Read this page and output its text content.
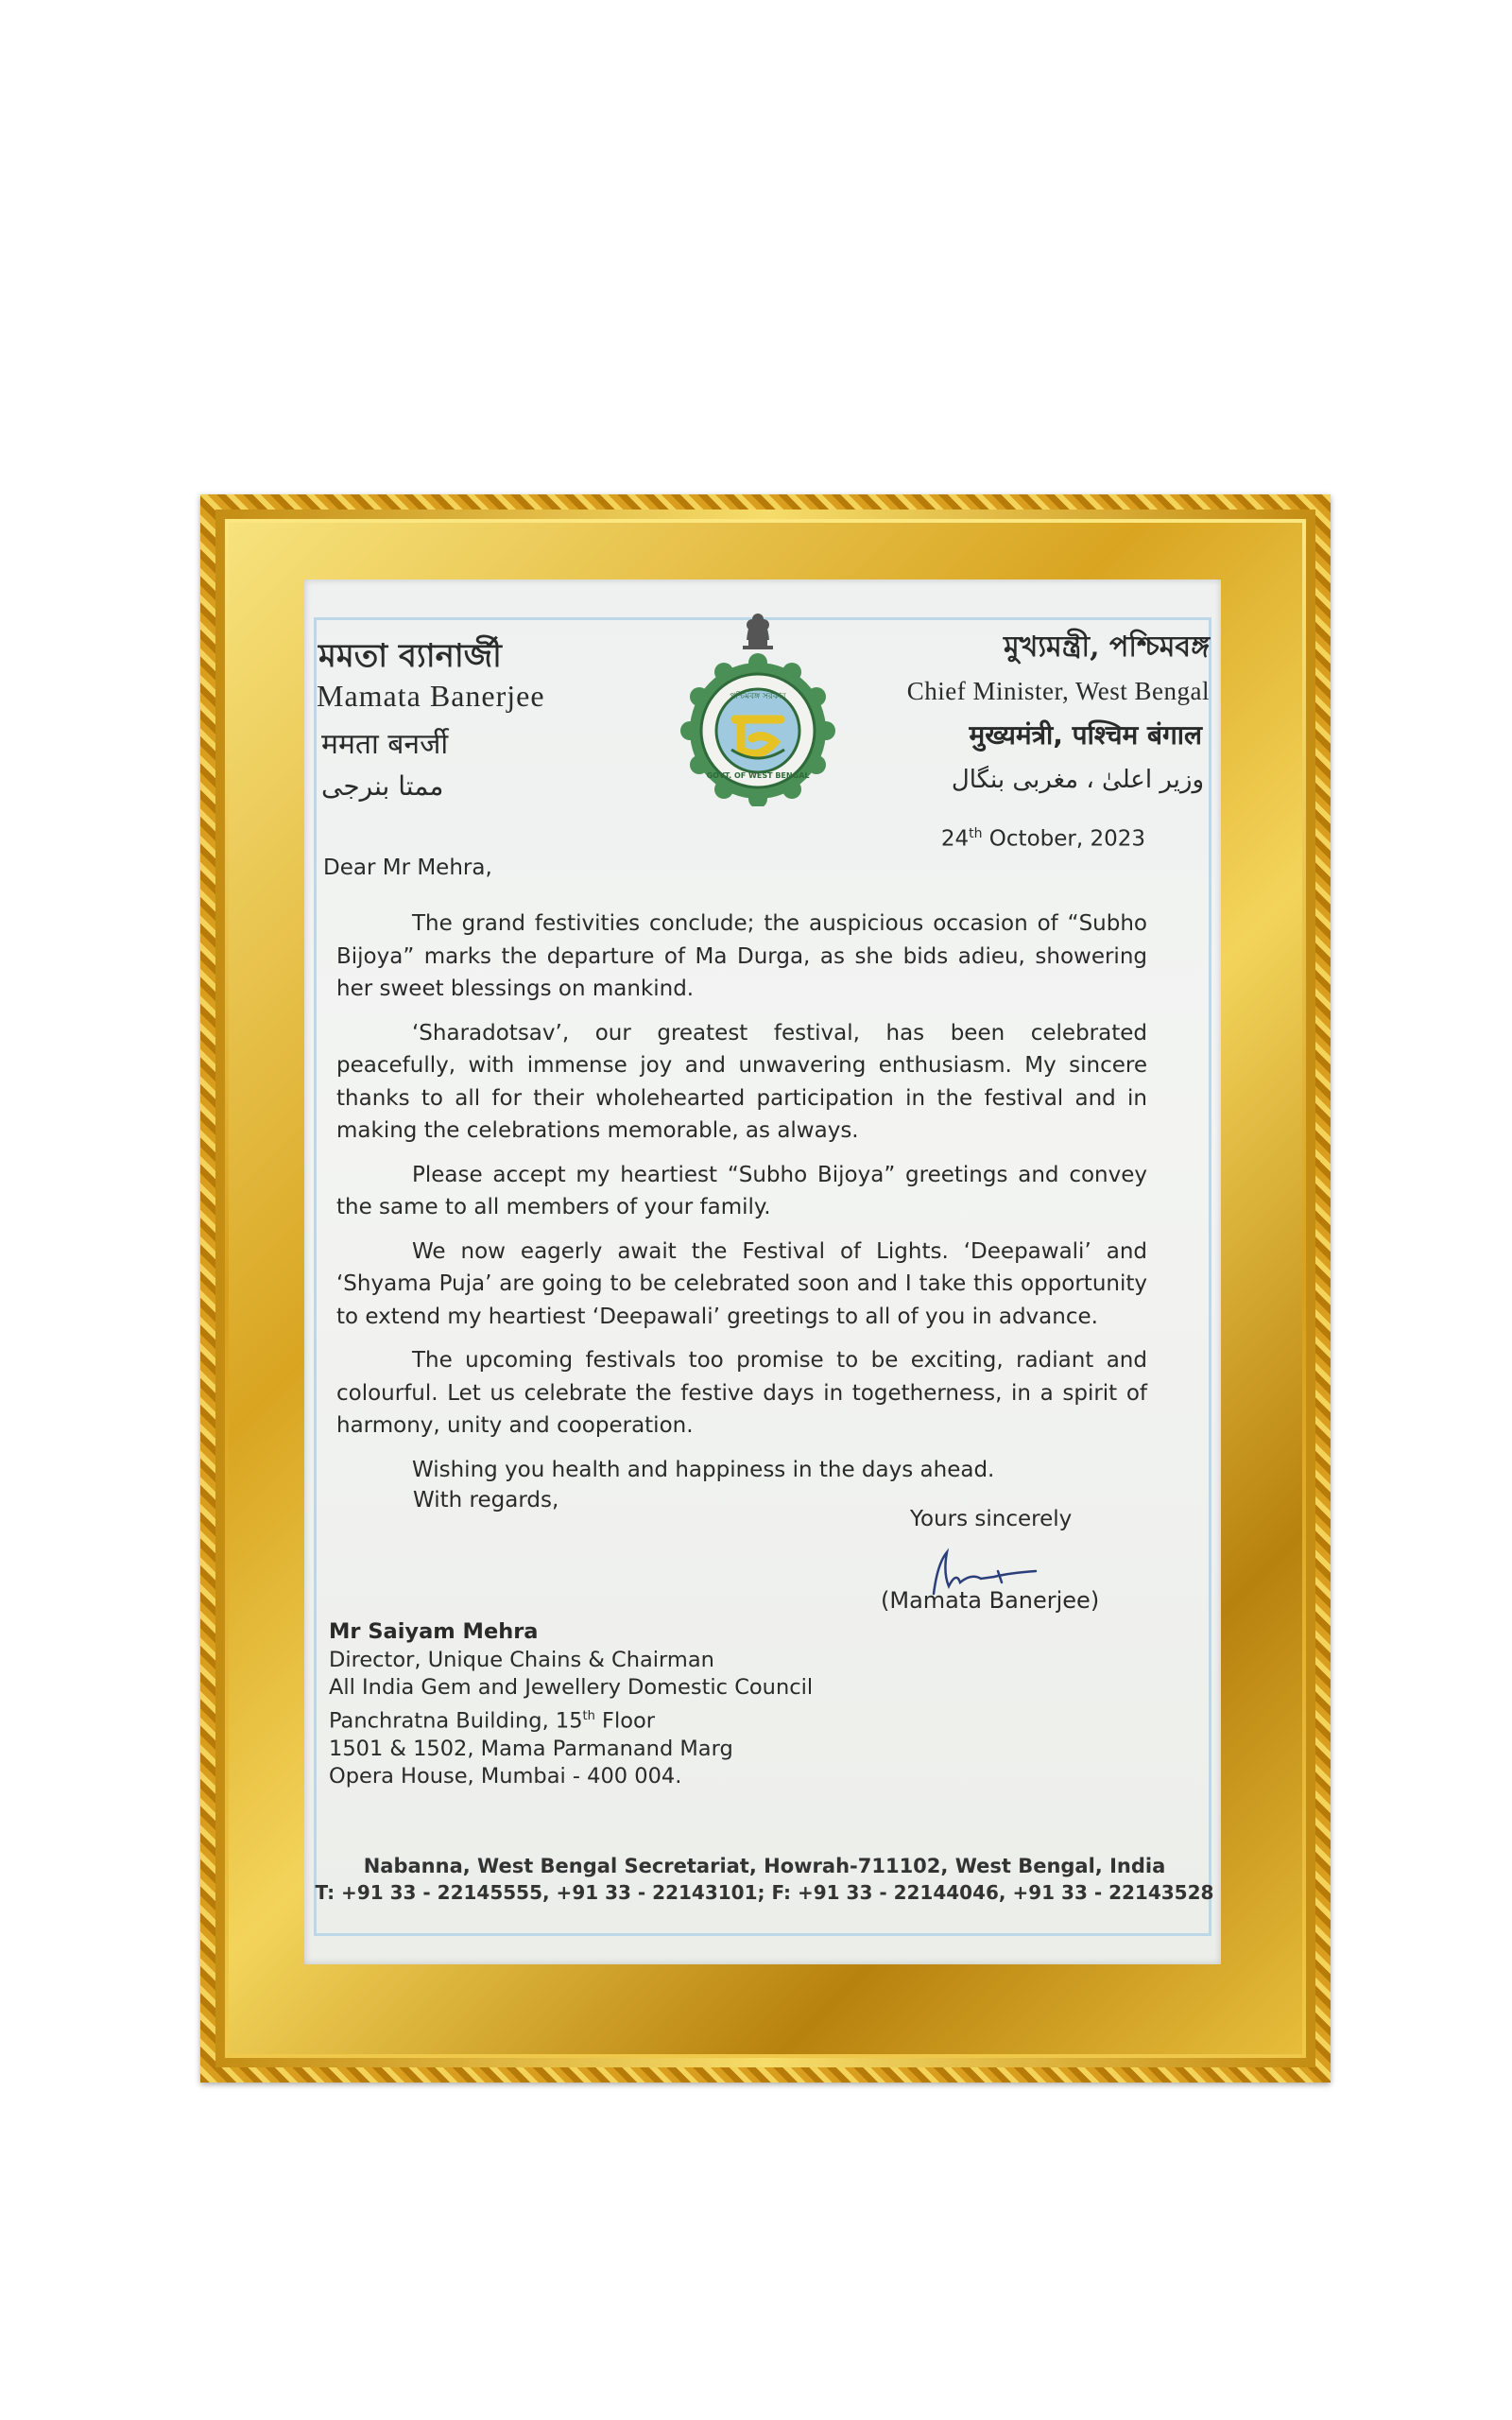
মমতা ব্যানার্জী
Mamata Banerjee
ममता बनर्जी
ممتا بنرجی
পশ্চিমবঙ্গ সরকার
GOVT. OF WEST BENGAL
মুখ্যমন্ত্রী, পশ্চিমবঙ্গ
Chief Minister, West Bengal
मुख्यमंत्री, पश्चिम बंगाल
وزیر اعلیٰ ، مغربی بنگال
24th October, 2023
Dear Mr Mehra,

The grand festivities conclude; the auspicious occasion of “Subho Bijoya” marks the departure of Ma Durga, as she bids adieu, showering her sweet blessings on mankind.

‘Sharadotsav’, our greatest festival, has been celebrated peacefully, with immense joy and unwavering enthusiasm. My sincere thanks to all for their wholehearted participation in the festival and in making the celebrations memorable, as always.

Please accept my heartiest “Subho Bijoya” greetings and convey the same to all members of your family.

We now eagerly await the Festival of Lights. ‘Deepawali’ and ‘Shyama Puja’ are going to be celebrated soon and I take this opportunity to extend my heartiest ‘Deepawali’ greetings to all of you in advance.

The upcoming festivals too promise to be exciting, radiant and colourful. Let us celebrate the festive days in togetherness, in a spirit of harmony, unity and cooperation.

Wishing you health and happiness in the days ahead.

With regards,
Yours sincerely
(Mamata Banerjee)
Mr Saiyam Mehra
Director, Unique Chains & Chairman
All India Gem and Jewellery Domestic Council
Panchratna Building, 15th Floor
1501 & 1502, Mama Parmanand Marg
Opera House, Mumbai - 400 004.
Nabanna, West Bengal Secretariat, Howrah-711102, West Bengal, India
T: +91 33 - 22145555, +91 33 - 22143101; F: +91 33 - 22144046, +91 33 - 22143528
